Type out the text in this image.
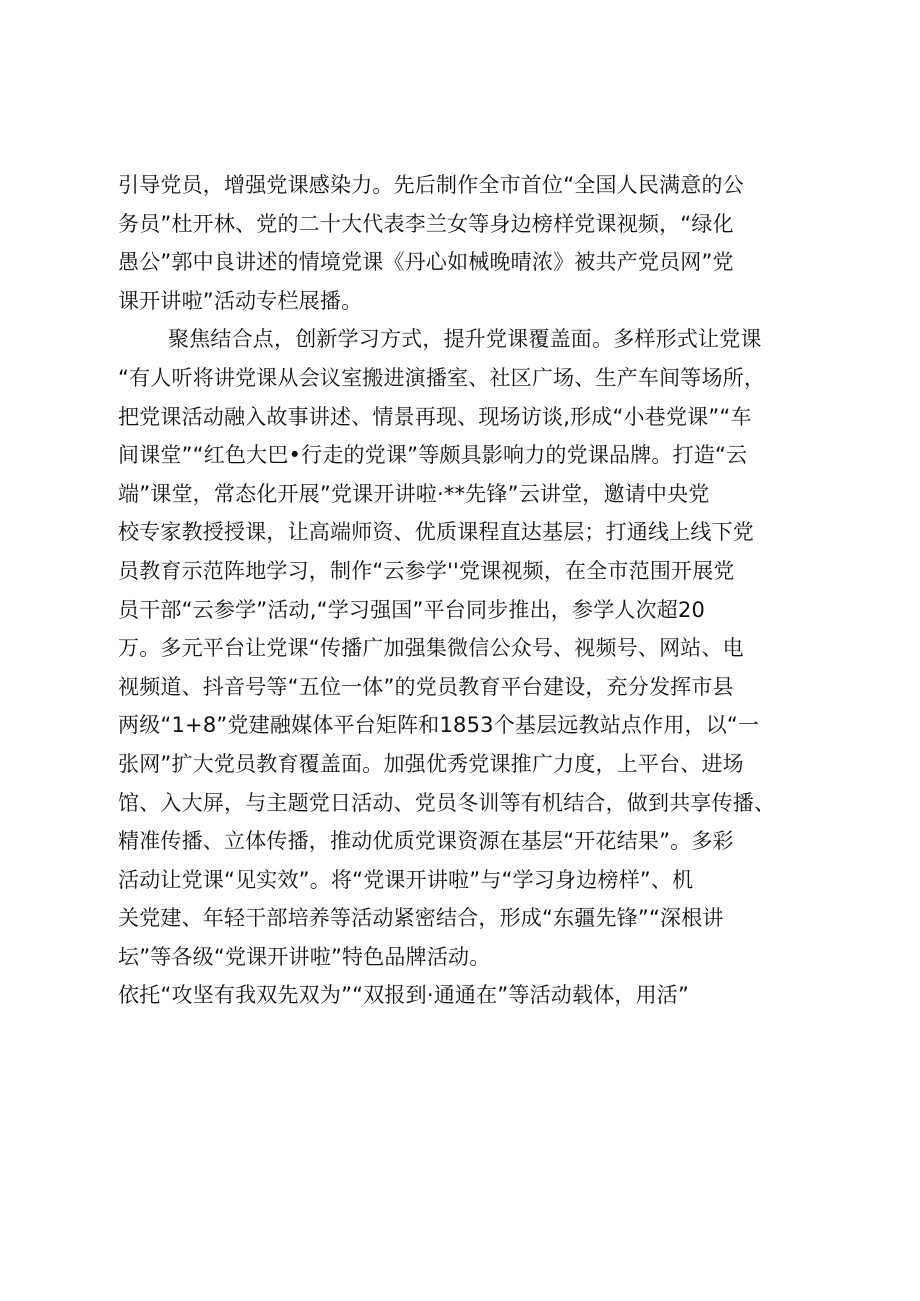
引导党员，增强党课感染力。先后制作全市首位“全国人民满意的公
务员”杜开林、党的二十大代表李兰女等身边榜样党课视频，“绿化
愚公”郭中良讲述的情境党课《丹心如械晚晴浓》被共产党员网”党
课开讲啦”活动专栏展播。
聚焦结合点，创新学习方式，提升党课覆盖面。多样形式让党课
“有人听将讲党课从会议室搬进演播室、社区广场、生产车间等场所，
把党课活动融入故事讲述、情景再现、现场访谈,形成“小巷党课”“车
间课堂”“红色大巴•行走的党课”等颇具影响力的党课品牌。打造“云
端”课堂，常态化开展”党课开讲啦·**先锋”云讲堂，邀请中央党
校专家教授授课，让高端师资、优质课程直达基层；打通线上线下党
员教育示范阵地学习，制作“云参学''党课视频，在全市范围开展党
员干部“云参学”活动,“学习强国”平台同步推出，参学人次超20
万。多元平台让党课“传播广加强集微信公众号、视频号、网站、电
视频道、抖音号等“五位一体”的党员教育平台建设，充分发挥市县
两级“1+8”党建融媒体平台矩阵和1853个基层远教站点作用，以“一
张网”扩大党员教育覆盖面。加强优秀党课推广力度，上平台、进场
馆、入大屏，与主题党日活动、党员冬训等有机结合，做到共享传播、
精准传播、立体传播，推动优质党课资源在基层“开花结果”。多彩
活动让党课“见实效”。将“党课开讲啦”与“学习身边榜样”、机
关党建、年轻干部培养等活动紧密结合，形成“东疆先锋”“深根讲
坛”等各级“党课开讲啦”特色品牌活动。
依托“攻坚有我双先双为”“双报到·通通在”等活动载体，用活”
